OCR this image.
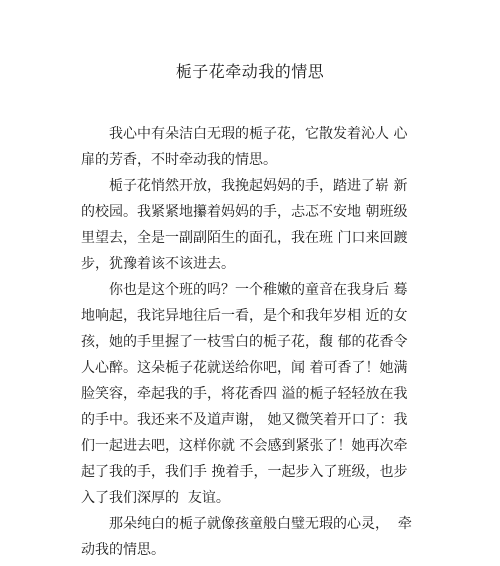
栀子花牵动我的情思
我心中有朵洁白无瑕的栀子花，它散发着沁人 心
扉的芳香，不时牵动我的情思。
栀子花悄然开放，我挽起妈妈的手，踏进了崭 新
的校园。我紧紧地攥着妈妈的手，忐忑不安地 朝班级
里望去，全是一副副陌生的面孔，我在班 门口来回踱
步，犹豫着该不该进去。
你也是这个班的吗？一个稚嫩的童音在我身后 蓦
地响起，我诧异地往后一看，是个和我年岁相 近的女
孩，她的手里握了一枝雪白的栀子花，馥 郁的花香令
人心醉。这朵栀子花就送给你吧，闻 着可香了！她满
脸笑容，牵起我的手，将花香四 溢的栀子轻轻放在我
的手中。我还来不及道声谢， 她又微笑着开口了：我
们一起进去吧，这样你就 不会感到紧张了！她再次牵
起了我的手，我们手 挽着手，一起步入了班级，也步
入了我们深厚的  友谊。
那朵纯白的栀子就像孩童般白璧无瑕的心灵，  牵
动我的情思。
